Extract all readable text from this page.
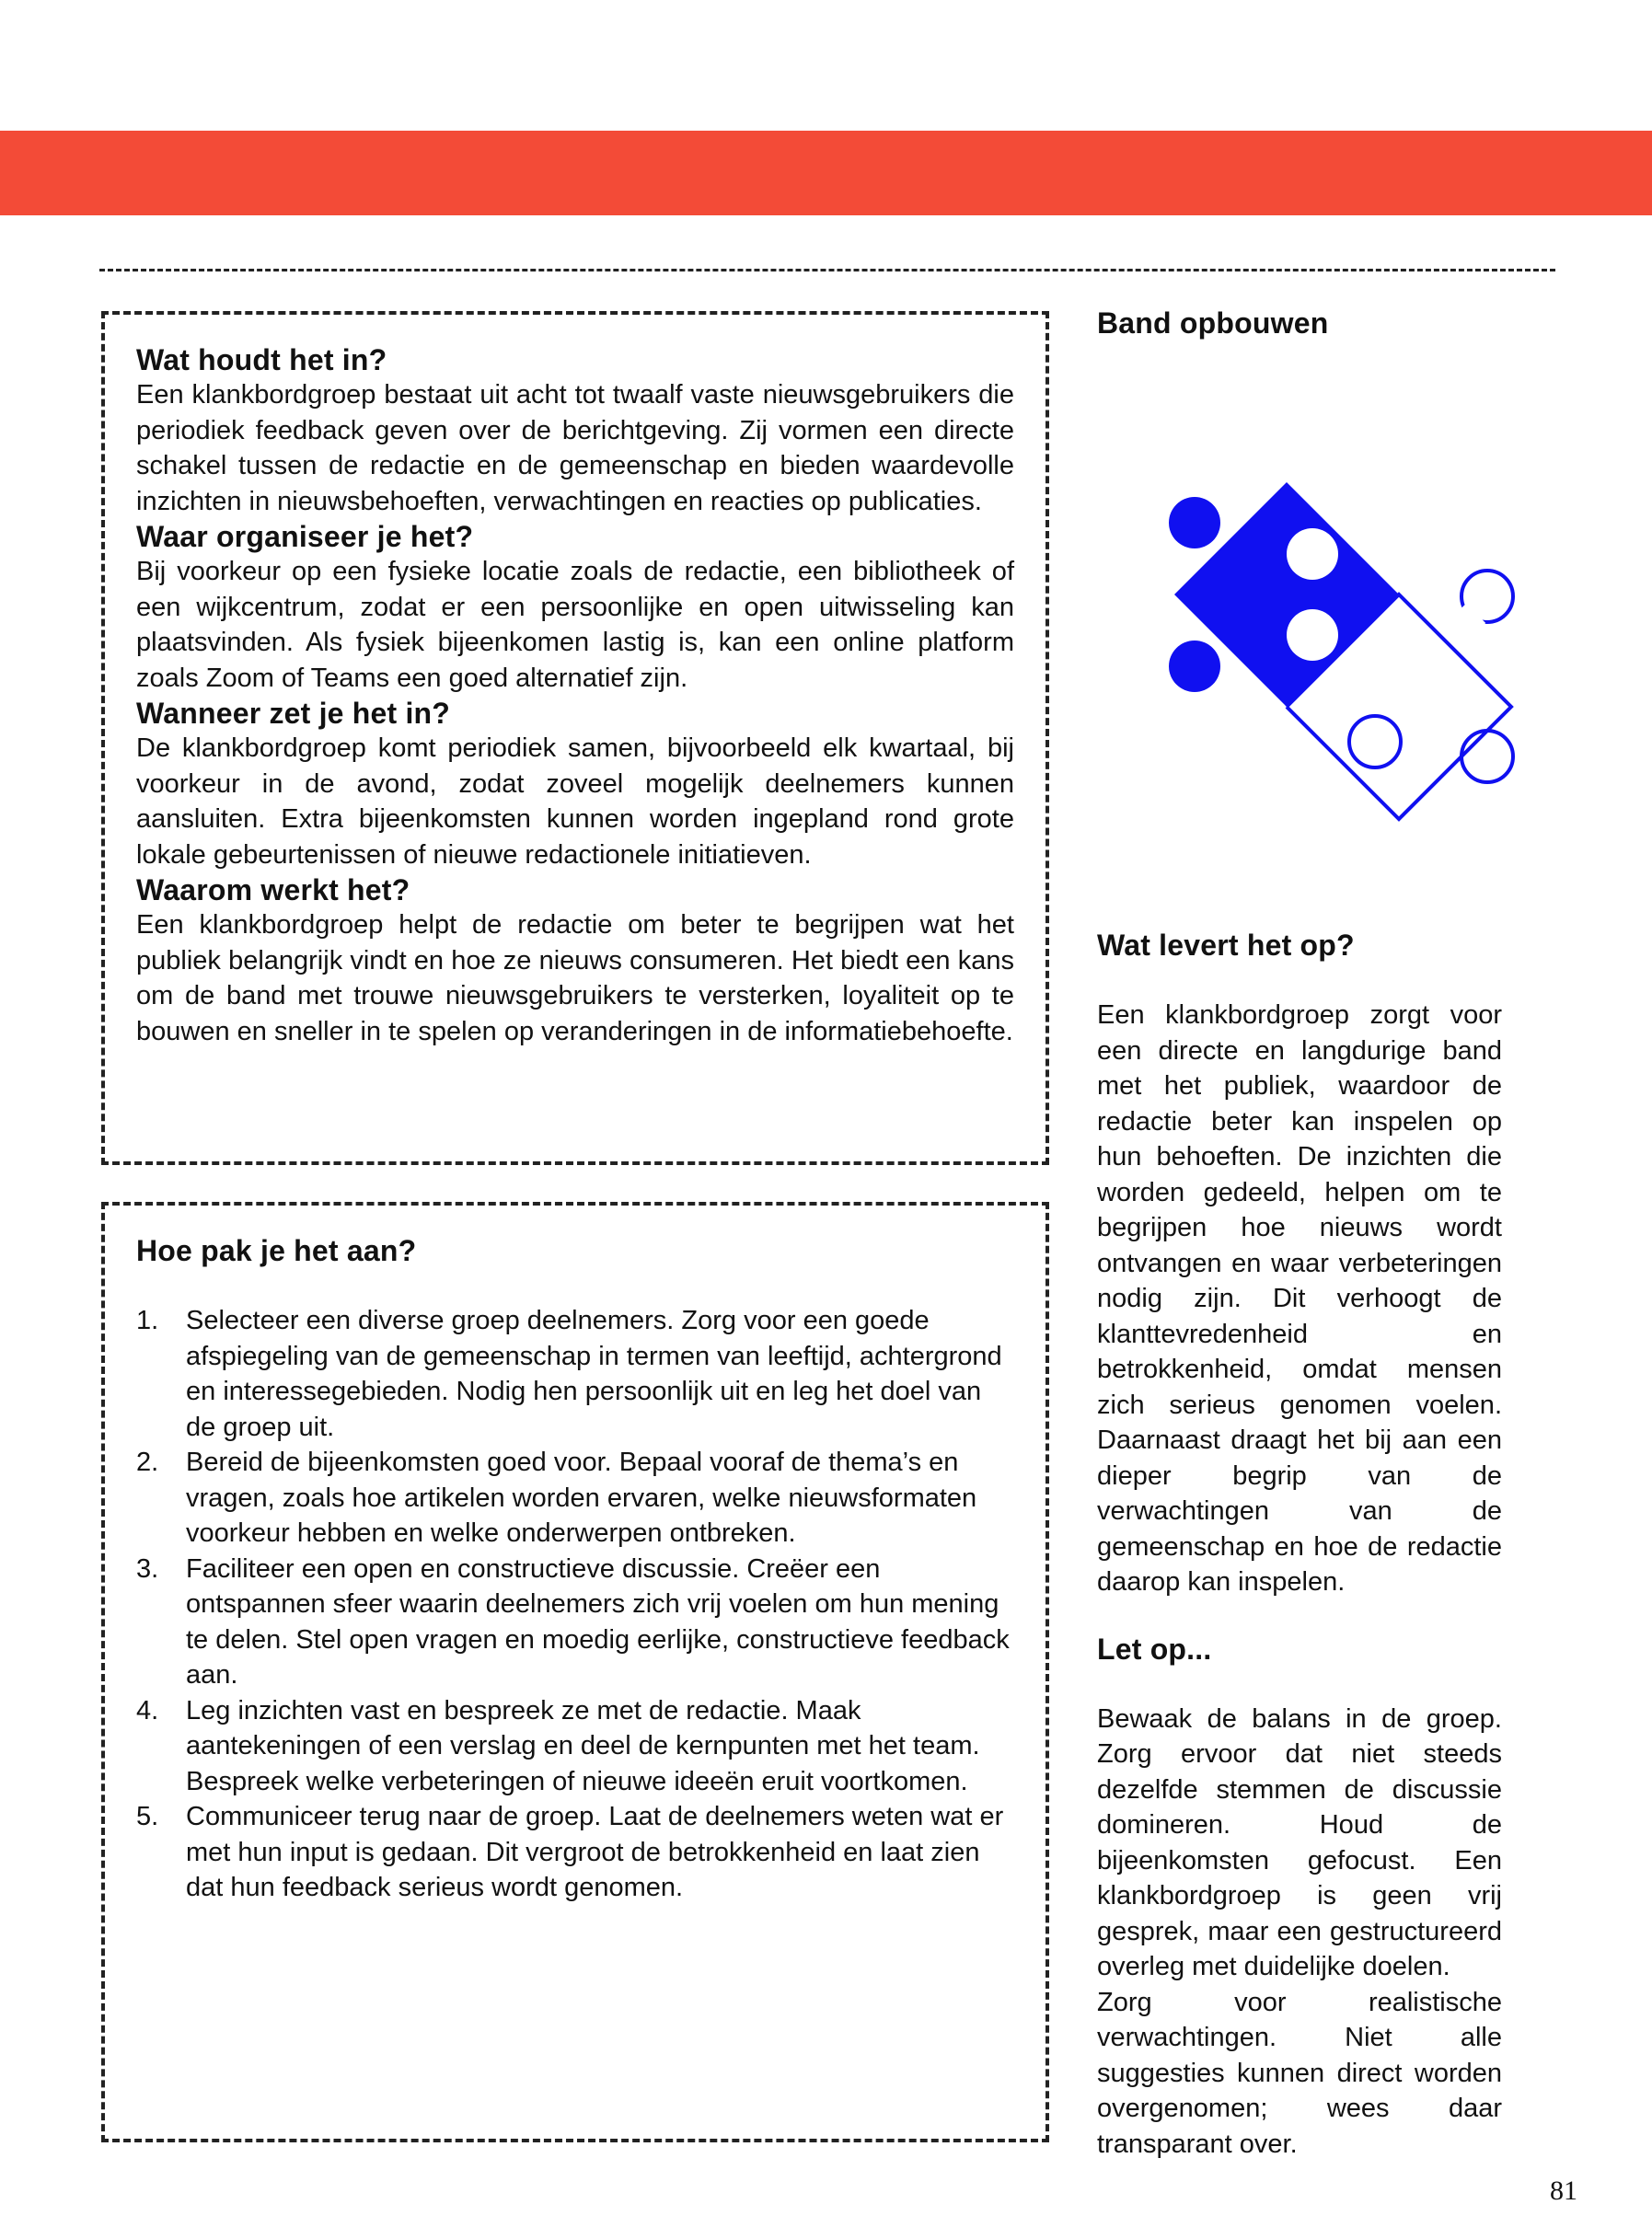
Wat houdt het in?

Een klankbordgroep bestaat uit acht tot twaalf vaste nieuwsgebruikers die periodiek feedback geven over de berichtgeving. Zij vormen een directe schakel tussen de redactie en de gemeenschap en bieden waardevolle inzichten in nieuwsbehoeften, verwachtingen en reacties op publicaties.

Waar organiseer je het?

Bij voorkeur op een fysieke locatie zoals de redactie, een bibliotheek of een wijkcentrum, zodat er een persoonlijke en open uitwisseling kan plaatsvinden. Als fysiek bijeenkomen lastig is, kan een online platform zoals Zoom of Teams een goed alternatief zijn.

Wanneer zet je het in?

De klankbordgroep komt periodiek samen, bijvoorbeeld elk kwartaal, bij voorkeur in de avond, zodat zoveel mogelijk deelnemers kunnen aansluiten. Extra bijeenkomsten kunnen worden ingepland rond grote lokale gebeurtenissen of nieuwe redactionele initiatieven.

Waarom werkt het?

Een klankbordgroep helpt de redactie om beter te begrijpen wat het publiek belangrijk vindt en hoe ze nieuws consumeren. Het biedt een kans om de band met trouwe nieuwsgebruikers te versterken, loyaliteit op te bouwen en sneller in te spelen op veranderingen in de informatiebehoefte.

Hoe pak je het aan?
1. Selecteer een diverse groep deelnemers. Zorg voor een goede afspiegeling van de gemeenschap in termen van leeftijd, achtergrond en interessegebieden. Nodig hen persoonlijk uit en leg het doel van de groep uit.
2. Bereid de bijeenkomsten goed voor. Bepaal vooraf de thema’s en vragen, zoals hoe artikelen worden ervaren, welke nieuwsformaten voorkeur hebben en welke onderwerpen ontbreken.
3. Faciliteer een open en constructieve discussie. Creëer een ontspannen sfeer waarin deelnemers zich vrij voelen om hun mening te delen. Stel open vragen en moedig eerlijke, constructieve feedback aan.
4. Leg inzichten vast en bespreek ze met de redactie. Maak aantekeningen of een verslag en deel de kernpunten met het team. Bespreek welke verbeteringen of nieuwe ideeën eruit voortkomen.
5. Communiceer terug naar de groep. Laat de deelnemers weten wat er met hun input is gedaan. Dit vergroot de betrokkenheid en laat zien dat hun feedback serieus wordt genomen.
Band opbouwen
Wat levert het op?

Een klankbordgroep zorgt voor een directe en langdurige band met het publiek, waardoor de redactie beter kan inspelen op hun behoeften. De inzichten die worden gedeeld, helpen om te begrijpen hoe nieuws wordt ontvangen en waar verbeteringen nodig zijn. Dit verhoogt de klanttevredenheid en betrokkenheid, omdat mensen zich serieus genomen voelen. Daarnaast draagt het bij aan een dieper begrip van de verwachtingen van de gemeenschap en hoe de redactie daarop kan inspelen.

Let op...

Bewaak de balans in de groep. Zorg ervoor dat niet steeds dezelfde stemmen de discussie domineren. Houd de bijeenkomsten gefocust. Een klankbordgroep is geen vrij gesprek, maar een gestructureerd overleg met duidelijke doelen.

Zorg voor realistische verwachtingen. Niet alle suggesties kunnen direct worden overgenomen; wees daar transparant over.

81
